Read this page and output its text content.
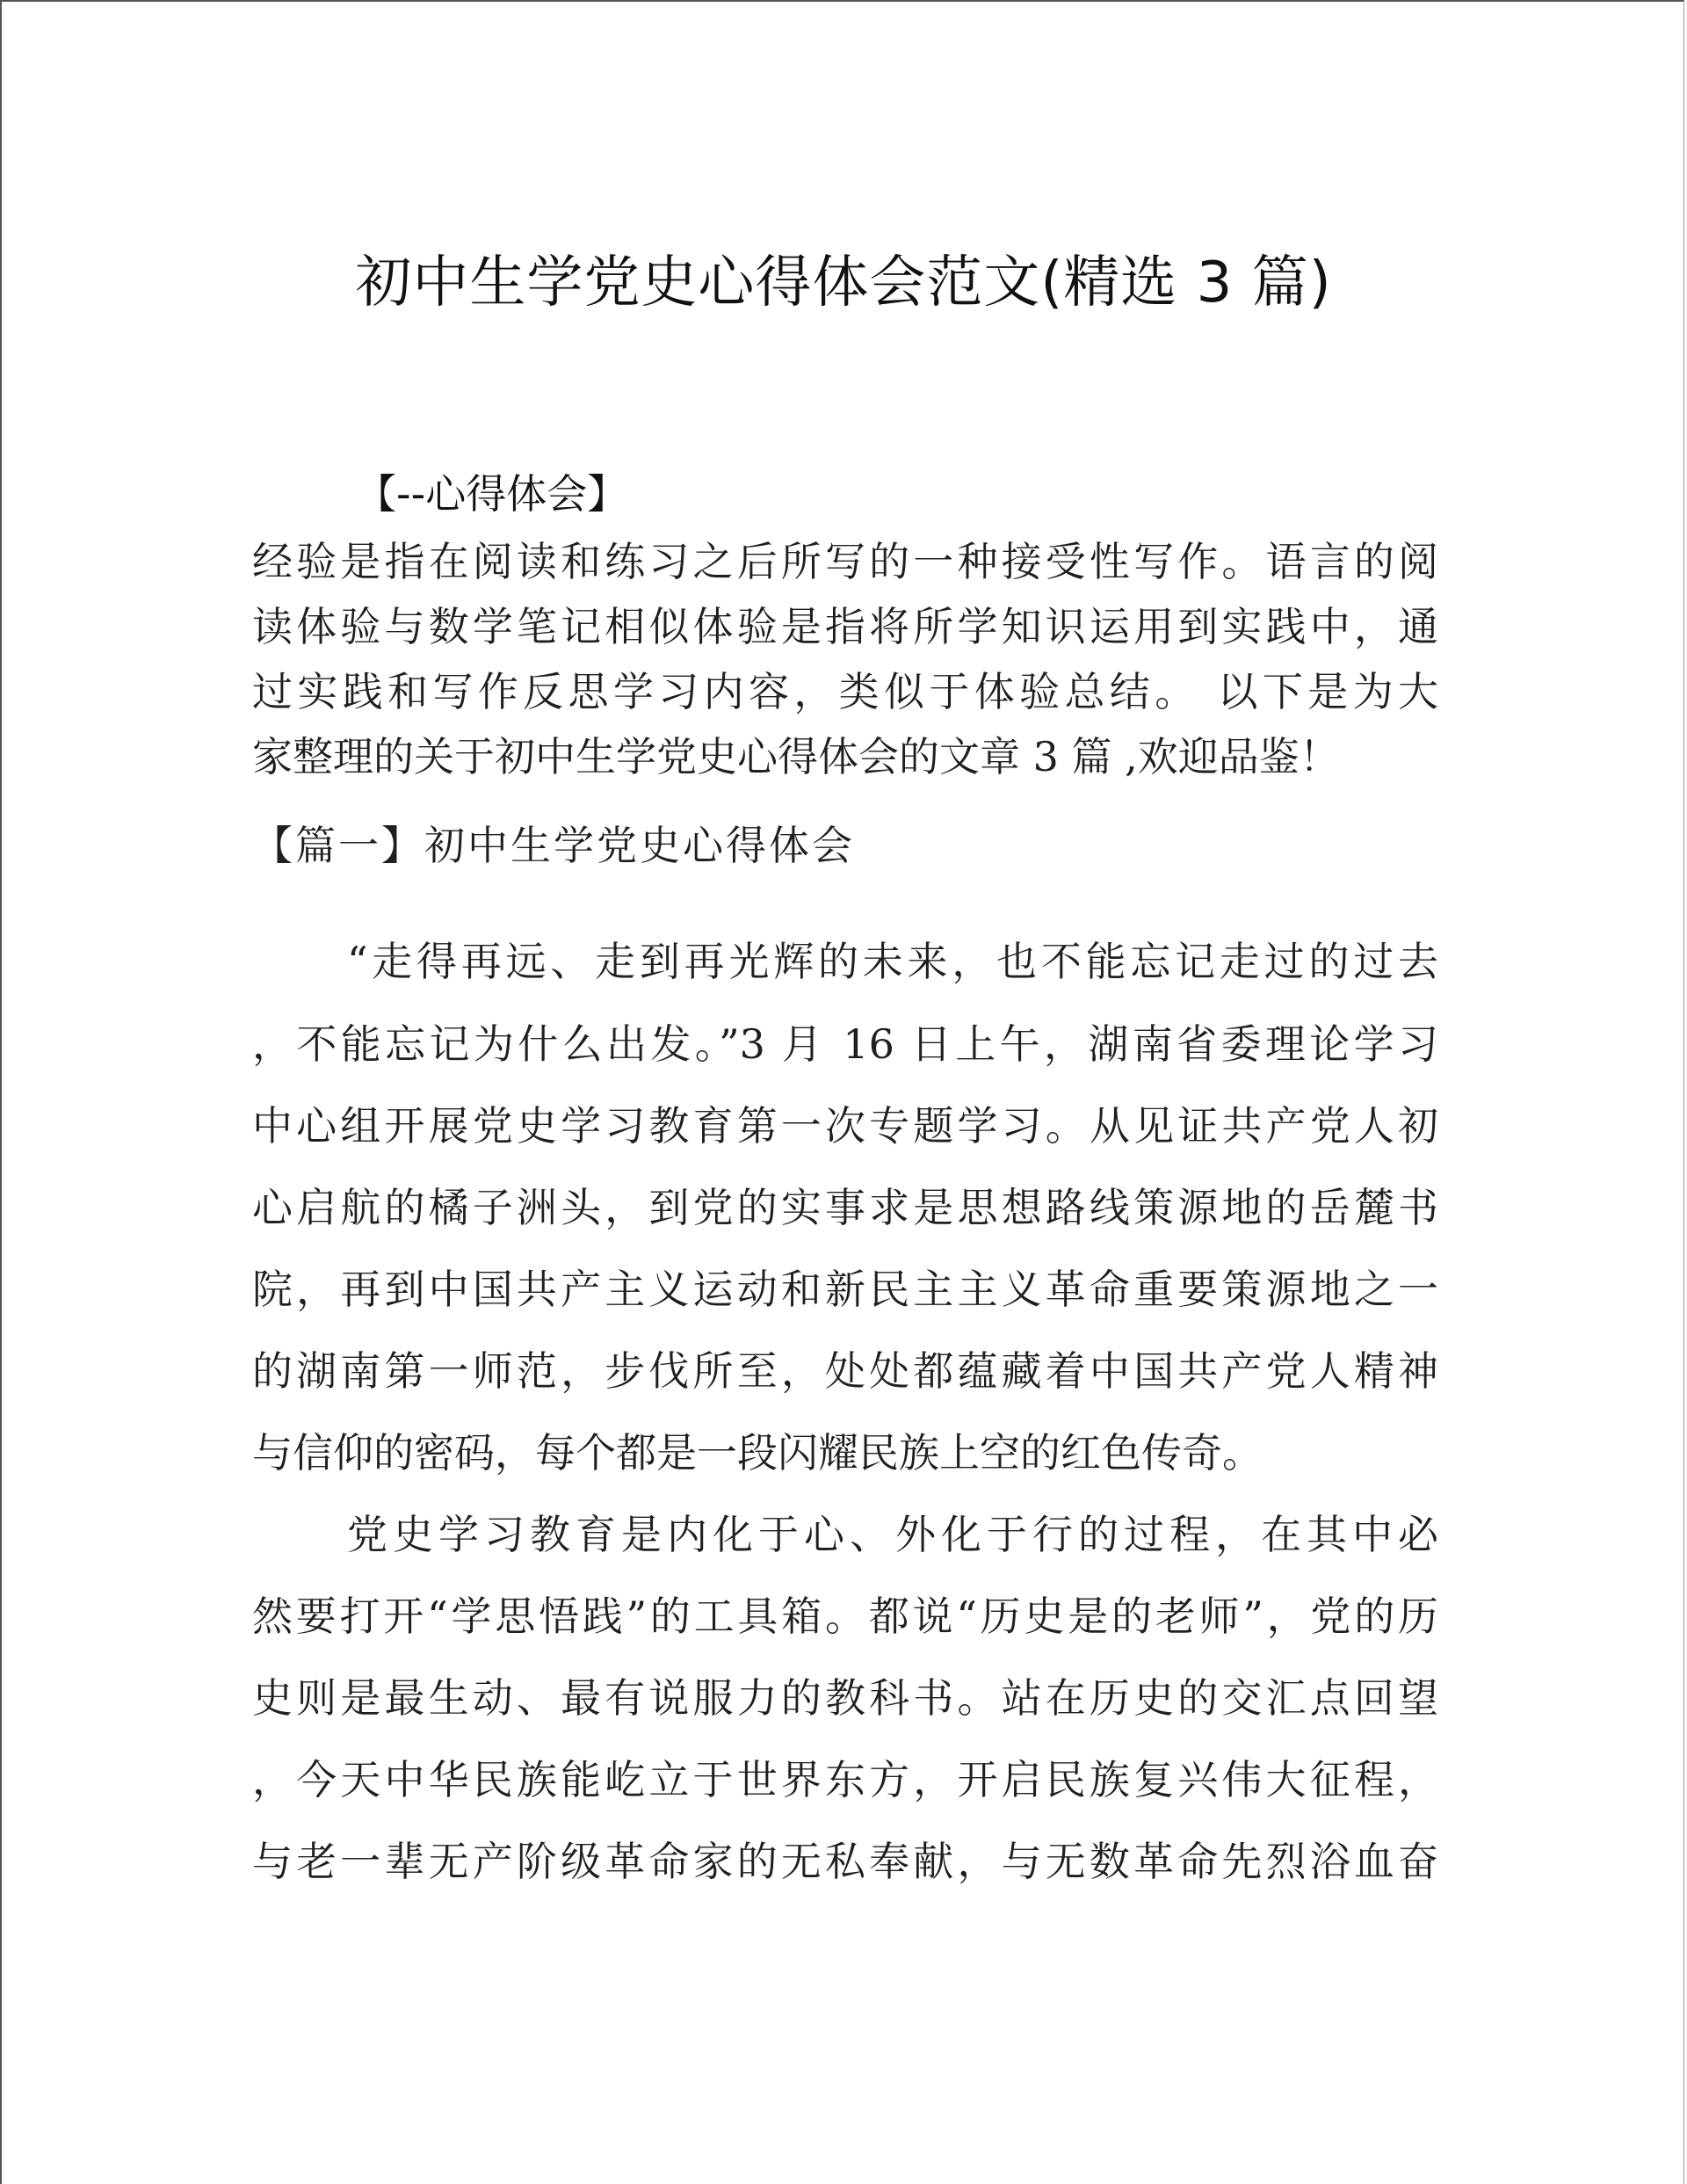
初中生学党史心得体会范文(精选 3 篇)

【--心得体会】

经验是指在阅读和练习之后所写的一种接受性写作。语言的阅

读体验与数学笔记相似体验是指将所学知识运用到实践中，通

过实践和写作反思学习内容，类似于体验总结。 以下是为大

家整理的关于初中生学党史心得体会的文章 3 篇 ,欢迎品鉴！

【篇一】初中生学党史心得体会

“走得再远、走到再光辉的未来，也不能忘记走过的过去

，不能忘记为什么出发。”3 月 16 日上午，湖南省委理论学习

中心组开展党史学习教育第一次专题学习。从见证共产党人初

心启航的橘子洲头，到党的实事求是思想路线策源地的岳麓书

院，再到中国共产主义运动和新民主主义革命重要策源地之一

的湖南第一师范，步伐所至，处处都蕴藏着中国共产党人精神

与信仰的密码，每个都是一段闪耀民族上空的红色传奇。

党史学习教育是内化于心、外化于行的过程，在其中必

然要打开“学思悟践”的工具箱。都说“历史是的老师”，党的历

史则是最生动、最有说服力的教科书。站在历史的交汇点回望

，今天中华民族能屹立于世界东方，开启民族复兴伟大征程，

与老一辈无产阶级革命家的无私奉献，与无数革命先烈浴血奋
